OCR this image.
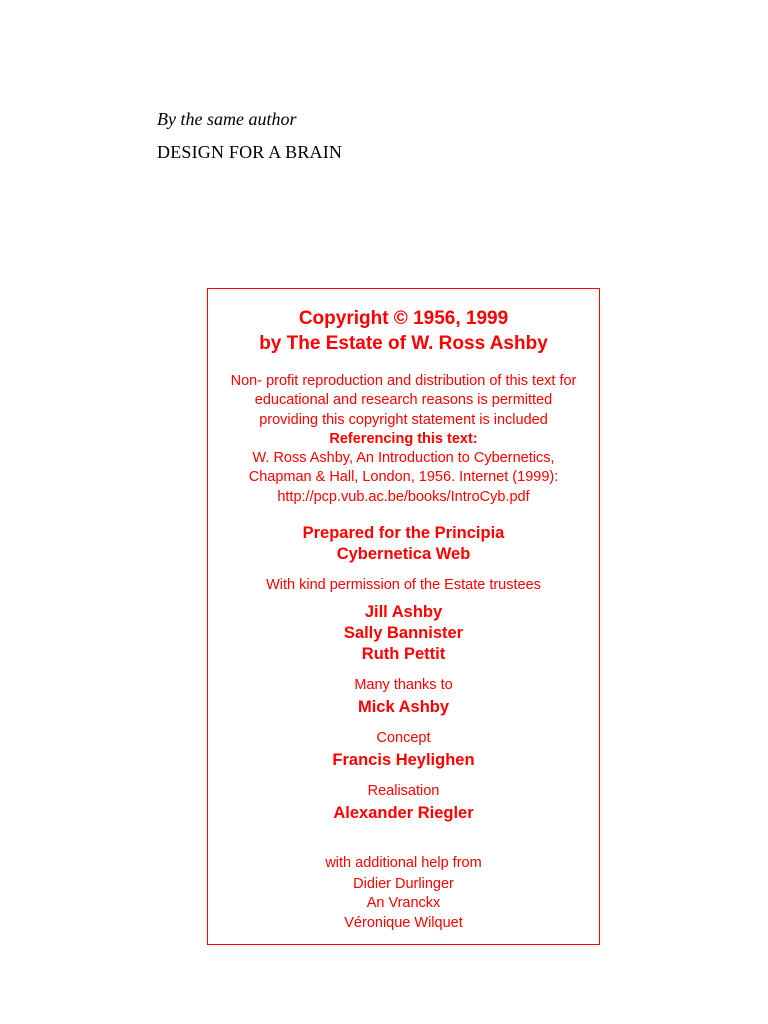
By the same author

DESIGN FOR A BRAIN

Copyright © 1956, 1999
by The Estate of W. Ross Ashby
Non- profit reproduction and distribution of this text for
educational and research reasons is permitted
providing this copyright statement is included
Referencing this text:
W. Ross Ashby, An Introduction to Cybernetics,
Chapman & Hall, London, 1956. Internet (1999):
http://pcp.vub.ac.be/books/IntroCyb.pdf
Prepared for the Principia
Cybernetica Web
With kind permission of the Estate trustees
Jill Ashby
Sally Bannister
Ruth Pettit
Many thanks to
Mick Ashby
Concept
Francis Heylighen
Realisation
Alexander Riegler
with additional help from
Didier Durlinger
An Vranckx
Véronique Wilquet
